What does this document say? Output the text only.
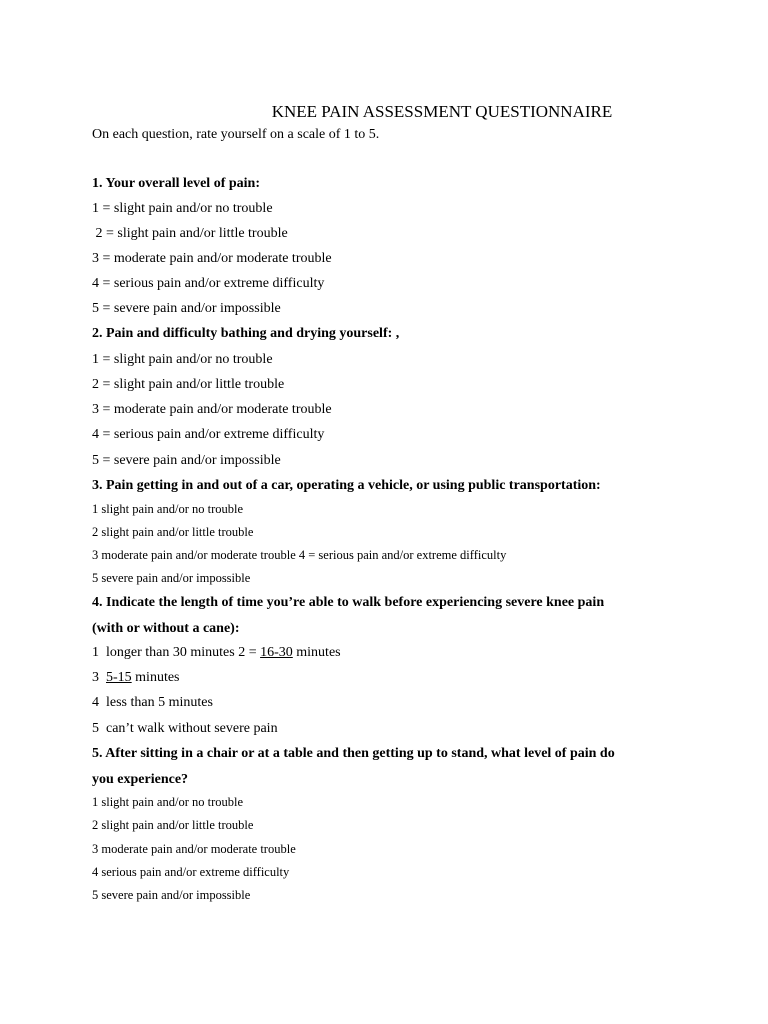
KNEE PAIN ASSESSMENT QUESTIONNAIRE
On each question, rate yourself on a scale of 1 to 5.
1. Your overall level of pain:
1 = slight pain and/or no trouble
2 = slight pain and/or little trouble
3 = moderate pain and/or moderate trouble
4 = serious pain and/or extreme difficulty
5 = severe pain and/or impossible
2. Pain and difficulty bathing and drying yourself: ,
1 = slight pain and/or no trouble
2 = slight pain and/or little trouble
3 = moderate pain and/or moderate trouble
4 = serious pain and/or extreme difficulty
5 = severe pain and/or impossible
3. Pain getting in and out of a car, operating a vehicle, or using public transportation:
1 slight pain and/or no trouble
2 slight pain and/or little trouble
3 moderate pain and/or moderate trouble 4 = serious pain and/or extreme difficulty
5 severe pain and/or impossible
4. Indicate the length of time you’re able to walk before experiencing severe knee pain
(with or without a cane):
1  longer than 30 minutes 2 = 16-30 minutes
3  5-15 minutes
4  less than 5 minutes
5  can’t walk without severe pain
5. After sitting in a chair or at a table and then getting up to stand, what level of pain do
you experience?
1 slight pain and/or no trouble
2 slight pain and/or little trouble
3 moderate pain and/or moderate trouble
4 serious pain and/or extreme difficulty
5 severe pain and/or impossible
